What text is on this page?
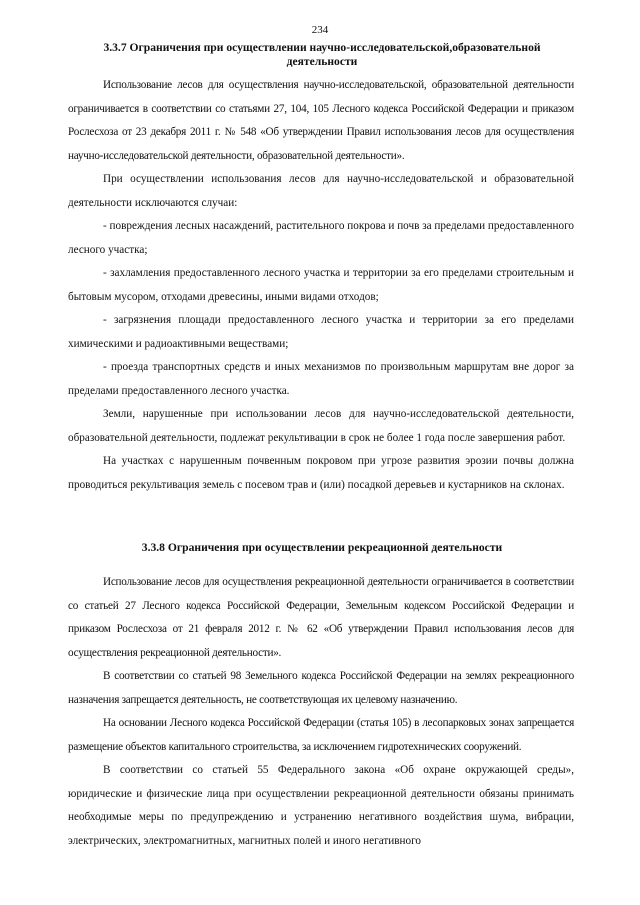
234
3.3.7 Ограничения при осуществлении научно-исследовательской,образовательной деятельности

Использование лесов для осуществления научно-исследовательской, образовательной деятельности ограничивается в соответствии со статьями 27, 104, 105 Лесного кодекса Российской Федерации и приказом Рослесхоза от 23 декабря 2011 г. № 548 «Об утверждении Правил использования лесов для осуществления научно-исследовательской деятельности, образовательной деятельности».

При осуществлении использования лесов для научно-исследовательской и образовательной деятельности исключаются случаи:

- повреждения лесных насаждений, растительного покрова и почв за пределами предоставленного лесного участка;

- захламления предоставленного лесного участка и территории за его пределами строительным и бытовым мусором, отходами древесины, иными видами отходов;

- загрязнения площади предоставленного лесного участка и территории за его пределами химическими и радиоактивными веществами;

- проезда транспортных средств и иных механизмов по произвольным маршрутам вне дорог за пределами предоставленного лесного участка.

Земли, нарушенные при использовании лесов для научно-исследовательской деятельности, образовательной деятельности, подлежат рекультивации в срок не более 1 года после завершения работ.

На участках с нарушенным почвенным покровом при угрозе развития эрозии почвы должна проводиться рекультивация земель с посевом трав и (или) посадкой деревьев и кустарников на склонах.

3.3.8 Ограничения при осуществлении рекреационной деятельности

Использование лесов для осуществления рекреационной деятельности ограничивается в соответствии со статьей 27 Лесного кодекса Российской Федерации, Земельным кодексом Российской Федерации и приказом Рослесхоза от 21 февраля 2012 г. № 62 «Об утверждении Правил использования лесов для осуществления рекреационной деятельности».

В соответствии со статьей 98 Земельного кодекса Российской Федерации на землях рекреационного назначения запрещается деятельность, не соответствующая их целевому назначению.

На основании Лесного кодекса Российской Федерации (статья 105) в лесопарковых зонах запрещается размещение объектов капитального строительства, за исключением гидротехнических сооружений.

В соответствии со статьей 55 Федерального закона «Об охране окружающей среды», юридические и физические лица при осуществлении рекреационной деятельности обязаны принимать необходимые меры по предупреждению и устранению негативного воздействия шума, вибрации, электрических, электромагнитных, магнитных полей и иного негативного
